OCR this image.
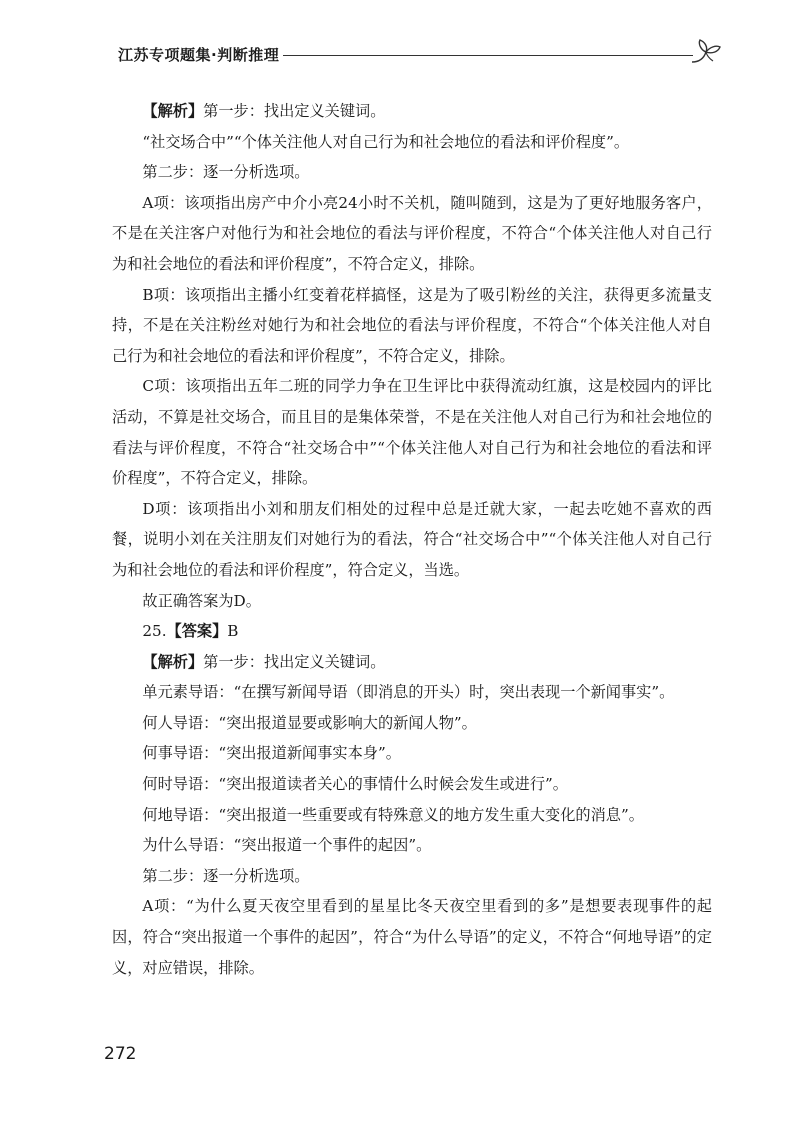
江苏专项题集·判断推理

【解析】第一步：找出定义关键词。

“社交场合中”“个体关注他人对自己行为和社会地位的看法和评价程度”。

第二步：逐一分析选项。

A项：该项指出房产中介小亮24小时不关机，随叫随到，这是为了更好地服务客户，不是在关注客户对他行为和社会地位的看法与评价程度，不符合“个体关注他人对自己行为和社会地位的看法和评价程度”，不符合定义，排除。

B项：该项指出主播小红变着花样搞怪，这是为了吸引粉丝的关注，获得更多流量支持，不是在关注粉丝对她行为和社会地位的看法与评价程度，不符合“个体关注他人对自己行为和社会地位的看法和评价程度”，不符合定义，排除。

C项：该项指出五年二班的同学力争在卫生评比中获得流动红旗，这是校园内的评比活动，不算是社交场合，而且目的是集体荣誉，不是在关注他人对自己行为和社会地位的看法与评价程度，不符合“社交场合中”“个体关注他人对自己行为和社会地位的看法和评价程度”，不符合定义，排除。

D项：该项指出小刘和朋友们相处的过程中总是迁就大家，一起去吃她不喜欢的西餐，说明小刘在关注朋友们对她行为的看法，符合“社交场合中”“个体关注他人对自己行为和社会地位的看法和评价程度”，符合定义，当选。

故正确答案为D。

25.【答案】B

【解析】第一步：找出定义关键词。

单元素导语：“在撰写新闻导语（即消息的开头）时，突出表现一个新闻事实”。

何人导语：“突出报道显要或影响大的新闻人物”。

何事导语：“突出报道新闻事实本身”。

何时导语：“突出报道读者关心的事情什么时候会发生或进行”。

何地导语：“突出报道一些重要或有特殊意义的地方发生重大变化的消息”。

为什么导语：“突出报道一个事件的起因”。

第二步：逐一分析选项。

A项：“为什么夏天夜空里看到的星星比冬天夜空里看到的多”是想要表现事件的起因，符合“突出报道一个事件的起因”，符合“为什么导语”的定义，不符合“何地导语”的定义，对应错误，排除。

272
